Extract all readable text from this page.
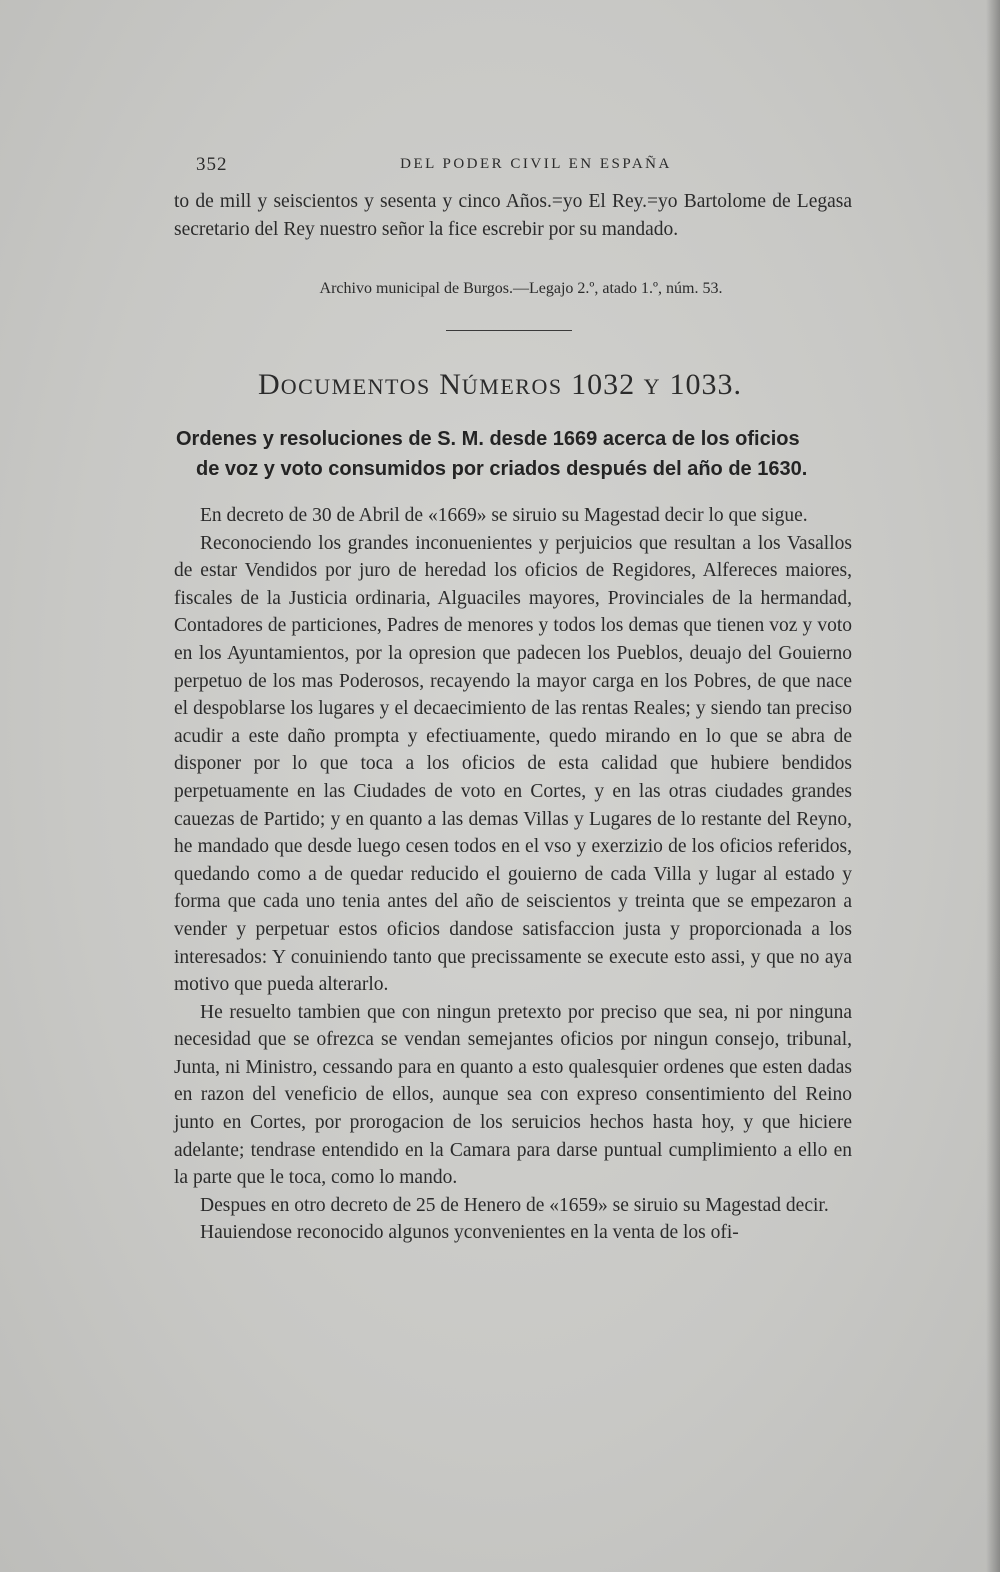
352	DEL PODER CIVIL EN ESPAÑA

to de mill y seiscientos y sesenta y cinco Años.=yo El Rey.=yo Bartolome de Legasa secretario del Rey nuestro señor la fice escrebir por su mandado.

Archivo municipal de Burgos.—Legajo 2.º, atado 1.º, núm. 53.
DOCUMENTOS NÚMEROS 1032 Y 1033.
Ordenes y resoluciones de S. M. desde 1669 acerca de los oficios
de voz y voto consumidos por criados después del año de 1630.

En decreto de 30 de Abril de «1669» se siruio su Magestad decir lo que sigue.

Reconociendo los grandes inconuenientes y perjuicios que resultan a los Vasallos de estar Vendidos por juro de heredad los oficios de Regidores, Alfereces maiores, fiscales de la Justicia ordinaria, Alguaciles mayores, Provinciales de la hermandad, Contadores de particiones, Padres de menores y todos los demas que tienen voz y voto en los Ayuntamientos, por la opresion que padecen los Pueblos, deuajo del Gouierno perpetuo de los mas Poderosos, recayendo la mayor carga en los Pobres, de que nace el despoblarse los lugares y el decaecimiento de las rentas Reales; y siendo tan preciso acudir a este daño prompta y efectiuamente, quedo mirando en lo que se abra de disponer por lo que toca a los oficios de esta calidad que hubiere bendidos perpetuamente en las Ciudades de voto en Cortes, y en las otras ciudades grandes cauezas de Partido; y en quanto a las demas Villas y Lugares de lo restante del Reyno, he mandado que desde luego cesen todos en el vso y exerzizio de los oficios referidos, quedando como a de quedar reducido el gouierno de cada Villa y lugar al estado y forma que cada uno tenia antes del año de seiscientos y treinta que se empezaron a vender y perpetuar estos oficios dandose satisfaccion justa y proporcionada a los interesados: Y conuiniendo tanto que precissamente se execute esto assi, y que no aya motivo que pueda alterarlo.

He resuelto tambien que con ningun pretexto por preciso que sea, ni por ninguna necesidad que se ofrezca se vendan semejantes oficios por ningun consejo, tribunal, Junta, ni Ministro, cessando para en quanto a esto qualesquier ordenes que esten dadas en razon del veneficio de ellos, aunque sea con expreso consentimiento del Reino junto en Cortes, por prorogacion de los seruicios hechos hasta hoy, y que hiciere adelante; tendrase entendido en la Camara para darse puntual cumplimiento a ello en la parte que le toca, como lo mando.

Despues en otro decreto de 25 de Henero de «1659» se siruio su Magestad decir.

Hauiendose reconocido algunos yconvenientes en la venta de los ofi-
